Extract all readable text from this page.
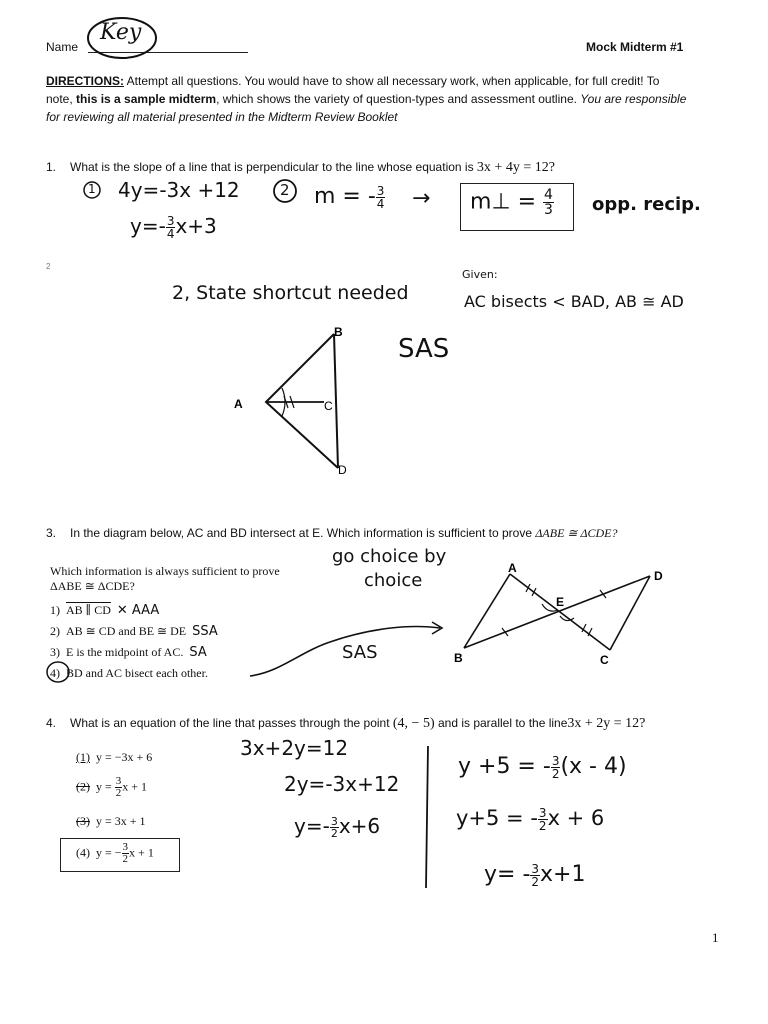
Name
Key
Mock Midterm #1
DIRECTIONS: Attempt all questions. You would have to show all necessary work, when applicable, for full credit! To
note, this is a sample midterm, which shows the variety of question-types and assessment outline. You are responsible
for reviewing all material presented in the Midterm Review Booklet
1. What is the slope of a line that is perpendicular to the line whose equation is 3x + 4y = 12?
1 4y=-3x +12
$y=- \frac{3}{4} x+3$
2 m = - $\frac{3}{4}$ → m⊥ = $\frac{4}{3}$ opp. recip.
2
2, State shortcut needed
Given:
AC bisects < BAD, AB ≅ AD
SAS
B
A	C
D
3. In the diagram below, AC and BD intersect at E. Which information is sufficient to prove ΔABE ≅ ΔCDE?
Which information is always sufficient to prove
ΔABE ≅ ΔCDE?
1) AB ∥ CD ✕ AAA
2) AB ≅ CD and BE ≅ DE SSA
3) E is the midpoint of AC. SA
4) BD and AC bisect each other.
go choice by
choice
SAS
A
D
E
B	C
4. What is an equation of the line that passes through the point (4, − 5) and is parallel to the line3x + 2y = 12?
(1) y = −3x + 6
(2) $y = \frac{3}{2}$ x + 1
(3) y = 3x + 1
(4) y = − $\frac{3}{2}$ x + 1
3x+2y=12
2y=-3x+12
$y=- \frac{3}{2} x+6$
y +5 = - $\frac{3}{2} (x - 4)$
y+5 = - $\frac{3}{2}$ x + 6
$y= - \frac{3}{2} x+1$
1
